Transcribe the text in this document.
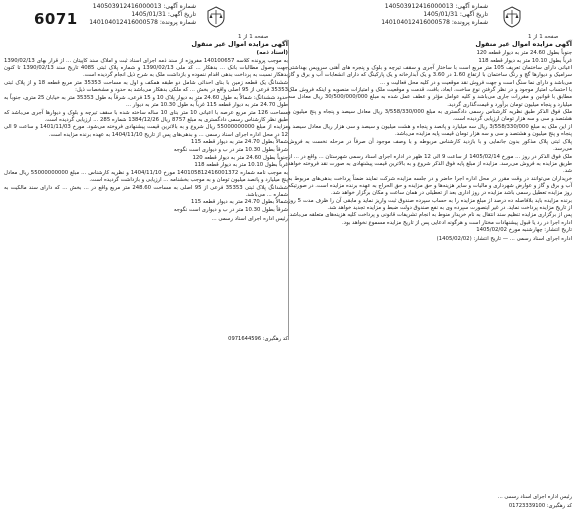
6071
شماره آگهی: 140503912416000013
تاریخ آگهی: 1405/01/31
شماره پرونده: 140104012416000578
شماره آگهی: 140503912416000013
تاریخ آگهی: 1405/01/31
شماره پرونده: 140104012416000578
صفحه 1 از 1	صفحه 1 از 1
آگهی مزایده اموال غیر منقول

جنوباً بطول 24.60 متر به دیوار قطعه 120

غرباً بطول 10.10 متر به دیوار قطعه 118

اعیانی دارای ساختمان تعریف 105 متر مربع است با ساختار آجری و سقف تیرچه و بلوک و پنجره های آهنی سرویس بهداشتی سرامیک و دیوارها گچ و رنگ ساختمان با ارتفاع 1.60 در 3.60 و یک آبدارخانه و یک پارکینگ که دارای انشعابات آب و برق و گاز می‌باشد و دارای نما سنگ است و جهت فروش نقد موقعیت و در کلیه محل فعالیت و ...

با احتساب امتیاز موجود و در نظر گرفتن نوع ساخت، ابعاد، بافت، قدمت و موقعیت ملک و امتیازات منصوبه و اینکه فروش ملک مطابق با قوانین و مقررات جاری می‌باشد و کلیه عوامل مؤثر و عطف عمل شده به مبلغ 30/500/000/000 ریال معادل سه میلیارد و پنجاه میلیون تومان برآورد و قیمت‌گذاری گردید.

ملک فوق الذکر طبق نظریه کارشناس رسمی دادگستری به مبلغ 3/558/330/000 ریال معادل سیصد و پنجاه و پنج میلیون و هشتصد و سی و سه هزار تومان ارزیابی گردیده است.

از این ملک به مبلغ 3/558/330/000 ریال سه میلیارد و پانصد و پنجاه و هشت میلیون و سیصد و سی هزار ریال معادل سیصد و پنجاه و پنج میلیون و هشتصد و سی و سه هزار تومان قیمت پایه مزایده می‌باشد.

پلاک ثبتی پلاک مذکور بدون جانمایی و با بازدید کارشناس مربوطه و با وصف موجود آن صرفاً در مرحله نخست به فروش می‌رسد.

ملک فوق الذکر در روز ... مورخ 1405/02/14 از ساعت 9 الی 12 ظهر در اداره اجرای اسناد رسمی شهرستان ... واقع در ... از طریق مزایده به فروش می‌رسد. مزایده از مبلغ پایه فوق الذکر شروع و به بالاترین قیمت پیشنهادی به صورت نقد فروخته خواهد شد.

خریداران می‌توانند در وقت مقرر در محل اداره اجرا حاضر و در جلسه مزایده شرکت نمایند ضمناً پرداخت بدهی‌های مربوط به آب و برق و گاز و عوارض شهرداری و مالیات و سایر هزینه‌ها و حق مزایده و حق الحراج به عهده برنده مزایده است. در صورتیکه روز مزایده تعطیل رسمی باشد مزایده در روز اداری بعد از تعطیلی در همان ساعت و مکان برگزار خواهد شد.

برنده مزایده باید بلافاصله ده درصد از مبلغ مزایده را به حساب سپرده صندوق ثبت واریز نماید و مابقی آن را ظرف مدت 5 روز از تاریخ مزایده پرداخت نماید. در غیر اینصورت سپرده وی به نفع صندوق دولت ضبط و مزایده تجدید خواهد شد.

پس از برگزاری مزایده تنظیم سند انتقال به نام خریدار منوط به انجام تشریفات قانونی و پرداخت کلیه هزینه‌های متعلقه می‌باشد. اداره اجرا در رد یا قبول پیشنهادات مختار است و هرگونه ادعایی پس از تاریخ مزایده مسموع نخواهد بود.

تاریخ انتشار: چهارشنبه مورخ 1405/02/02

اداره اجرای اسناد رسمی ... — تاریخ انتشار: (1405/02/02)
رئیس اداره اجرای اسناد رسمی ...
کد رهگیری: 01723339100
آگهی مزایده اموال غیر منقول
(اسناد ذمه)

به موجب پرونده کلاسه 140100657 مفروزه از سند ذمه اجرای اسناد ثبت و املاک سند کاپیتان ... از قرار بهای 1390/02/13 جهت وصول مطالبات بانک ... بدهکار ... کد ملی 1390/02/13 و شماره پلاک ثبتی 4085 تاریخ سند 1390/02/13 تا کنون بدهکار نسبت به پرداخت بدهی اقدام ننموده و بازداشت ملک به شرح ذیل انجام گردیده است.

ششدانگ یک قطعه زمین با بنای احداثی شامل دو طبقه همکف و اول به مساحت 35353 متر مربع قطعه 18 و از پلاک ثبتی 35353 فرعی از 95 اصلی واقع در بخش ... که ملکی بدهکار می‌باشد به حدود و مشخصات ذیل:

حدود ششدانگ: شمالاً به طول 24.60 متر به دیوار پلاک 10 و 15 فرعی، شرقاً به طول 35353 متر به خیابان 25 متری، جنوباً به طول 24.70 متر به دیوار قطعه 115 غرباً به طول 10.30 متر به دیوار ...

مساحت 126 متر مربع عرصه با اعیانی 10 متر بنای 10 ساله ساخته شده با سقف تیرچه و بلوک و دیوارها آجری می‌باشد که طبق نظر کارشناس رسمی دادگستری به مبلغ 8757 ریال 1384/12/26 شماره 285 ... ارزیابی گردیده است.

مزایده از مبلغ 55000000000 ریال شروع و به بالاترین قیمت پیشنهادی فروخته می‌شود. مورخ 1401/11/03 و ساعت 9 الی 12 در محل اداره اجرای اسناد رسمی ... و بدهی‌های پس از تاریخ 1404/11/10 به عهده برنده مزایده است.

شمالاً بطول 24.70 متر به دیوار قطعه 115

شرقاً بطول 10.30 متر در ب و دیواری است نگوجه

جنوباً بطول 24.60 متر به دیوار قطعه 120

غرباً بطول 10.10 متر به دیوار قطعه 118

به موجب نامه شماره 140105812416001372 مورخ 1404/11/10 و نظریه کارشناس ... مبلغ 55000000000 ریال معادل پنج میلیارد و پانصد میلیون تومان و به موجب بخشنامه ... ارزیابی و بازداشت گردیده است.

ششدانگ پلاک ثبتی 35353 فرعی از 95 اصلی به مساحت 248.60 متر مربع واقع در ... بخش ... که دارای سند مالکیت به شماره ... می‌باشد.

شمالاً بطول 24.70 متر به دیوار قطعه 115

شرقاً بطول 10.30 متر در ب و دیواری است نگوجه

رئیس اداره اجرای اسناد رسمی ...
کد رهگیری: 0971644596
